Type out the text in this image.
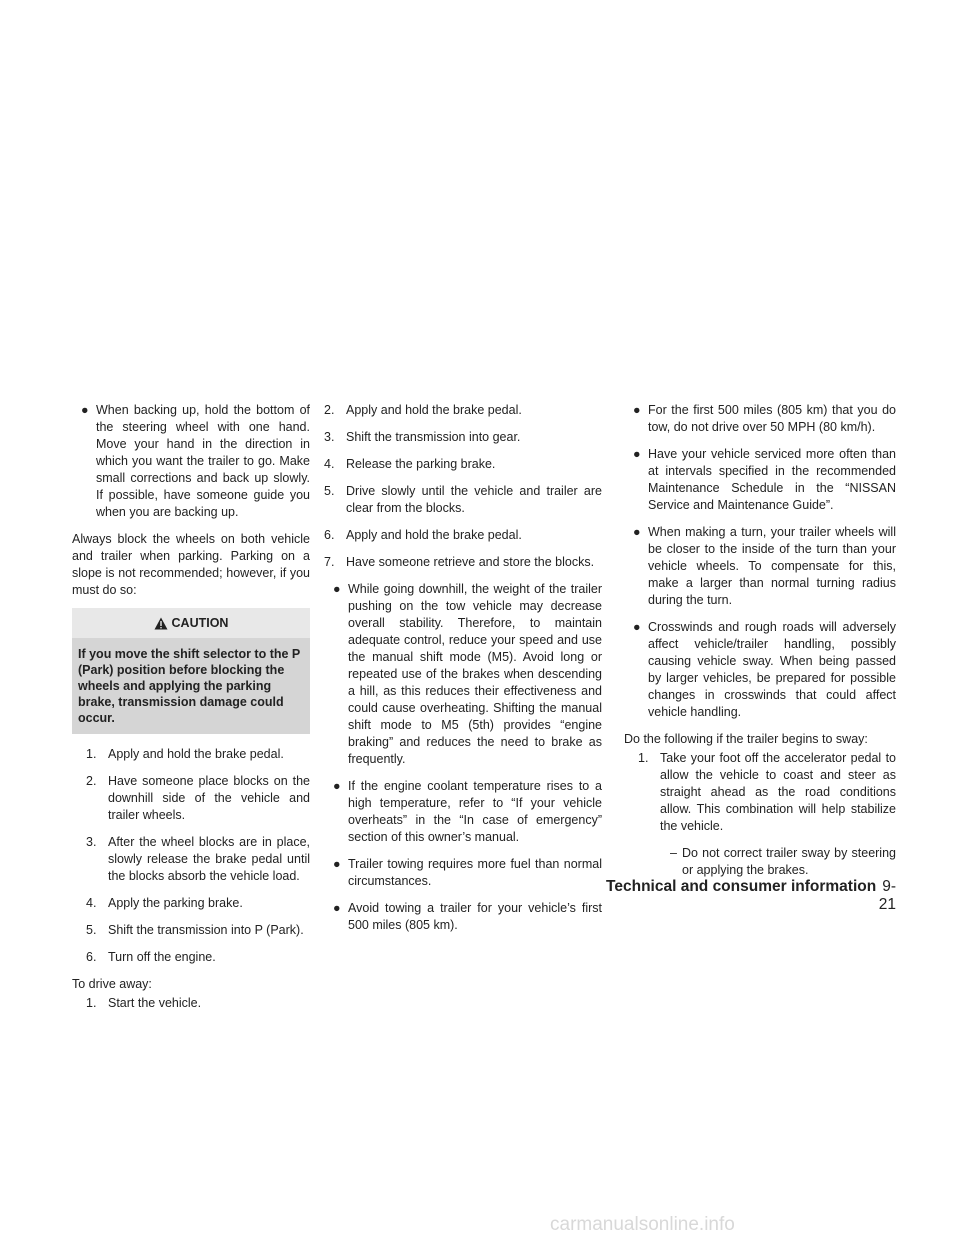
● When backing up, hold the bottom of the steering wheel with one hand. Move your hand in the direction in which you want the trailer to go. Make small corrections and back up slowly. If possible, have someone guide you when you are backing up.

Always block the wheels on both vehicle and trailer when parking. Parking on a slope is not recommended; however, if you must do so:

CAUTION
If you move the shift selector to the P (Park) position before blocking the wheels and applying the parking brake, transmission damage could occur.
1. Apply and hold the brake pedal.
2. Have someone place blocks on the downhill side of the vehicle and trailer wheels.
3. After the wheel blocks are in place, slowly release the brake pedal until the blocks absorb the vehicle load.
4. Apply the parking brake.
5. Shift the transmission into P (Park).
6. Turn off the engine.

To drive away:

1. Start the vehicle.
2. Apply and hold the brake pedal.
3. Shift the transmission into gear.
4. Release the parking brake.
5. Drive slowly until the vehicle and trailer are clear from the blocks.
6. Apply and hold the brake pedal.
7. Have someone retrieve and store the blocks.
● While going downhill, the weight of the trailer pushing on the tow vehicle may decrease overall stability. Therefore, to maintain adequate control, reduce your speed and use the manual shift mode (M5). Avoid long or repeated use of the brakes when descending a hill, as this reduces their effectiveness and could cause overheating. Shifting the manual shift mode to M5 (5th) provides “engine braking” and reduces the need to brake as frequently.
● If the engine coolant temperature rises to a high temperature, refer to “If your vehicle overheats” in the “In case of emergency” section of this owner’s manual.
● Trailer towing requires more fuel than normal circumstances.
● Avoid towing a trailer for your vehicle’s first 500 miles (805 km).
● For the first 500 miles (805 km) that you do tow, do not drive over 50 MPH (80 km/h).
● Have your vehicle serviced more often than at intervals specified in the recommended Maintenance Schedule in the “NISSAN Service and Maintenance Guide”.
● When making a turn, your trailer wheels will be closer to the inside of the turn than your vehicle wheels. To compensate for this, make a larger than normal turning radius during the turn.
● Crosswinds and rough roads will adversely affect vehicle/trailer handling, possibly causing vehicle sway. When being passed by larger vehicles, be prepared for possible changes in crosswinds that could affect vehicle handling.

Do the following if the trailer begins to sway:

1. Take your foot off the accelerator pedal to allow the vehicle to coast and steer as straight ahead as the road conditions allow. This combination will help stabilize the vehicle.
– Do not correct trailer sway by steering or applying the brakes.
Technical and consumer information 9-21
carmanualsonline.info
